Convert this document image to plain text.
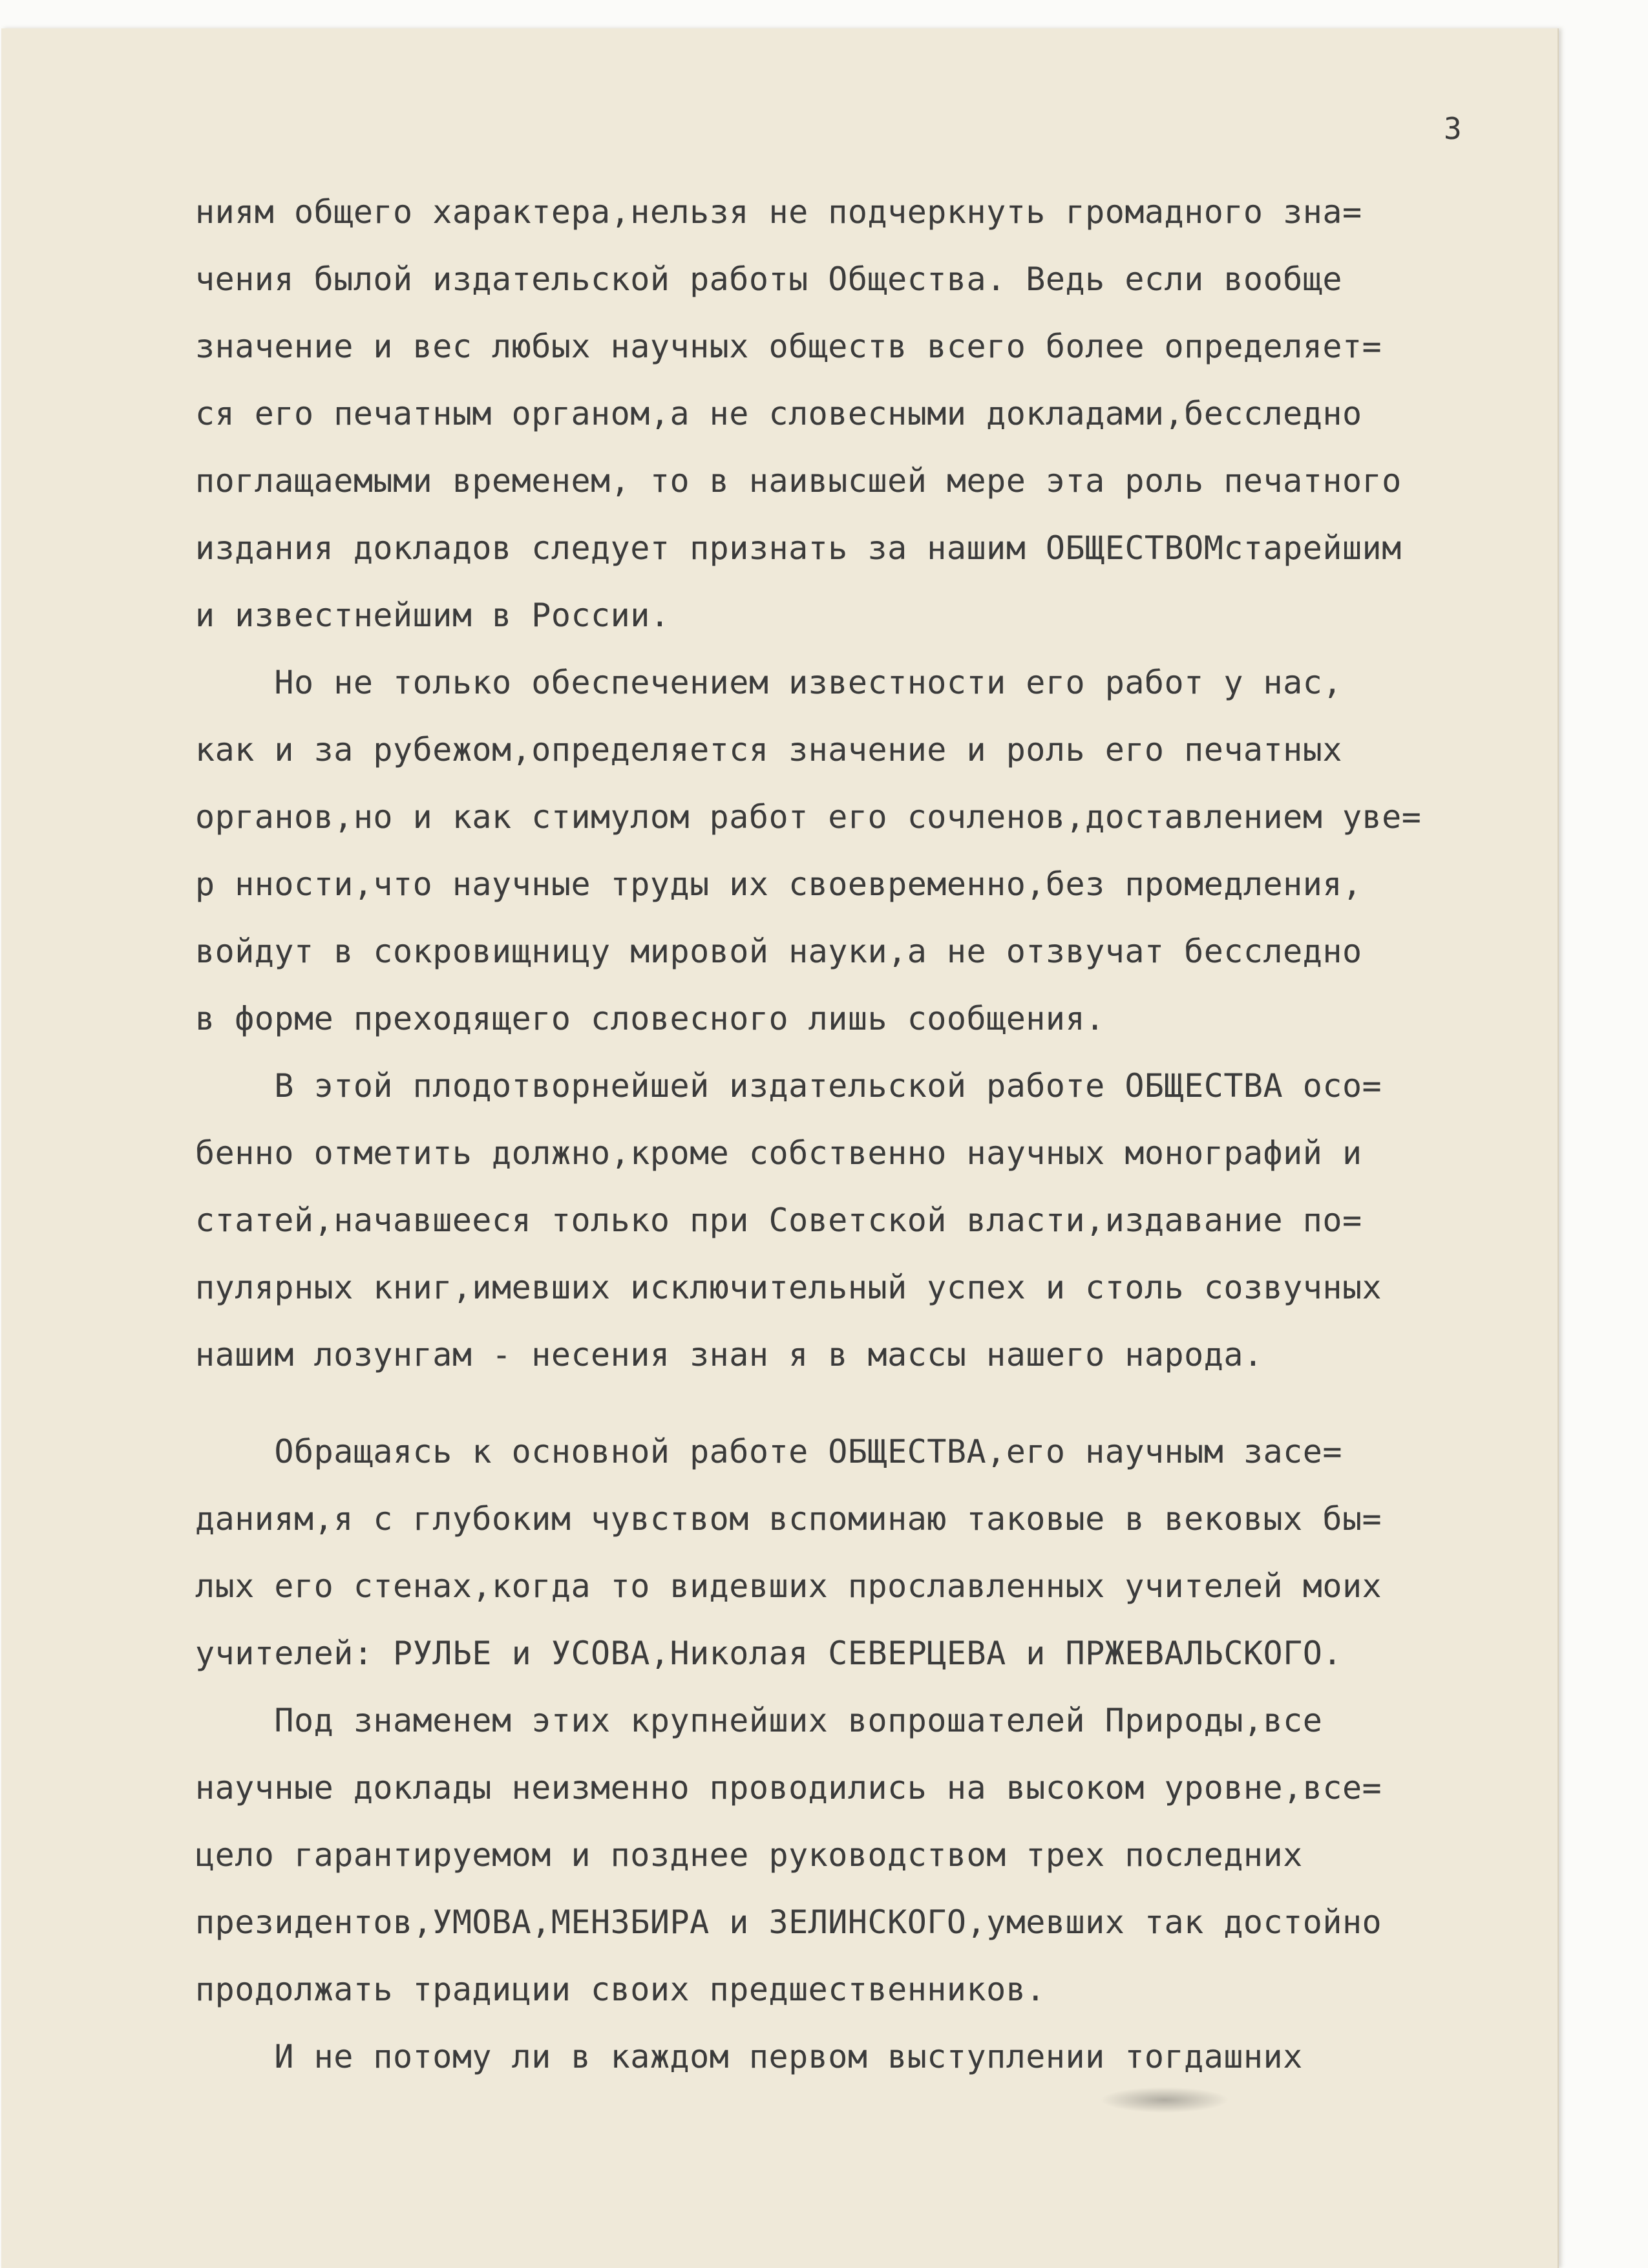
3
ниям общего характера,нельзя не подчеркнуть громадного зна=
чения былой издательской работы Общества. Ведь если вообще
значение и вес любых научных обществ всего более определяет=
ся его печатным органом,а не словесными докладами,бесследно
поглащаемыми временем, то в наивысшей мере эта роль печатного
издания докладов следует признать за нашим ОБЩЕСТВОМстарейшим
и известнейшим в России.
Но не только обеспечением известности его работ у нас,
как и за рубежом,определяется значение и роль его печатных
органов,но и как стимулом работ его сочленов,доставлением уве=
р нности,что научные труды их своевременно,без промедления,
войдут в сокровищницу мировой науки,а не отзвучат бесследно
в форме преходящего словесного лишь сообщения.
В этой плодотворнейшей издательской работе ОБЩЕСТВА осо=
бенно отметить должно,кроме собственно научных монографий и
статей,начавшееся только при Советской власти,издавание по=
пулярных книг,имевших исключительный успех и столь созвучных
нашим лозунгам - несения знан я в массы нашего народа.
Обращаясь к основной работе ОБЩЕСТВА,его научным засе=
даниям,я с глубоким чувством вспоминаю таковые в вековых бы=
лых его стенах,когда то видевших прославленных учителей моих
учителей: РУЛЬЕ и УСОВА,Николая СЕВЕРЦЕВА и ПРЖЕВАЛЬСКОГО.
Под знаменем этих крупнейших вопрошателей Природы,все
научные доклады неизменно проводились на высоком уровне,все=
цело гарантируемом и позднее руководством трех последних
президентов,УМОВА,МЕНЗБИРА и ЗЕЛИНСКОГО,умевших так достойно
продолжать традиции своих предшественников.
И не потому ли в каждом первом выступлении тогдашних
